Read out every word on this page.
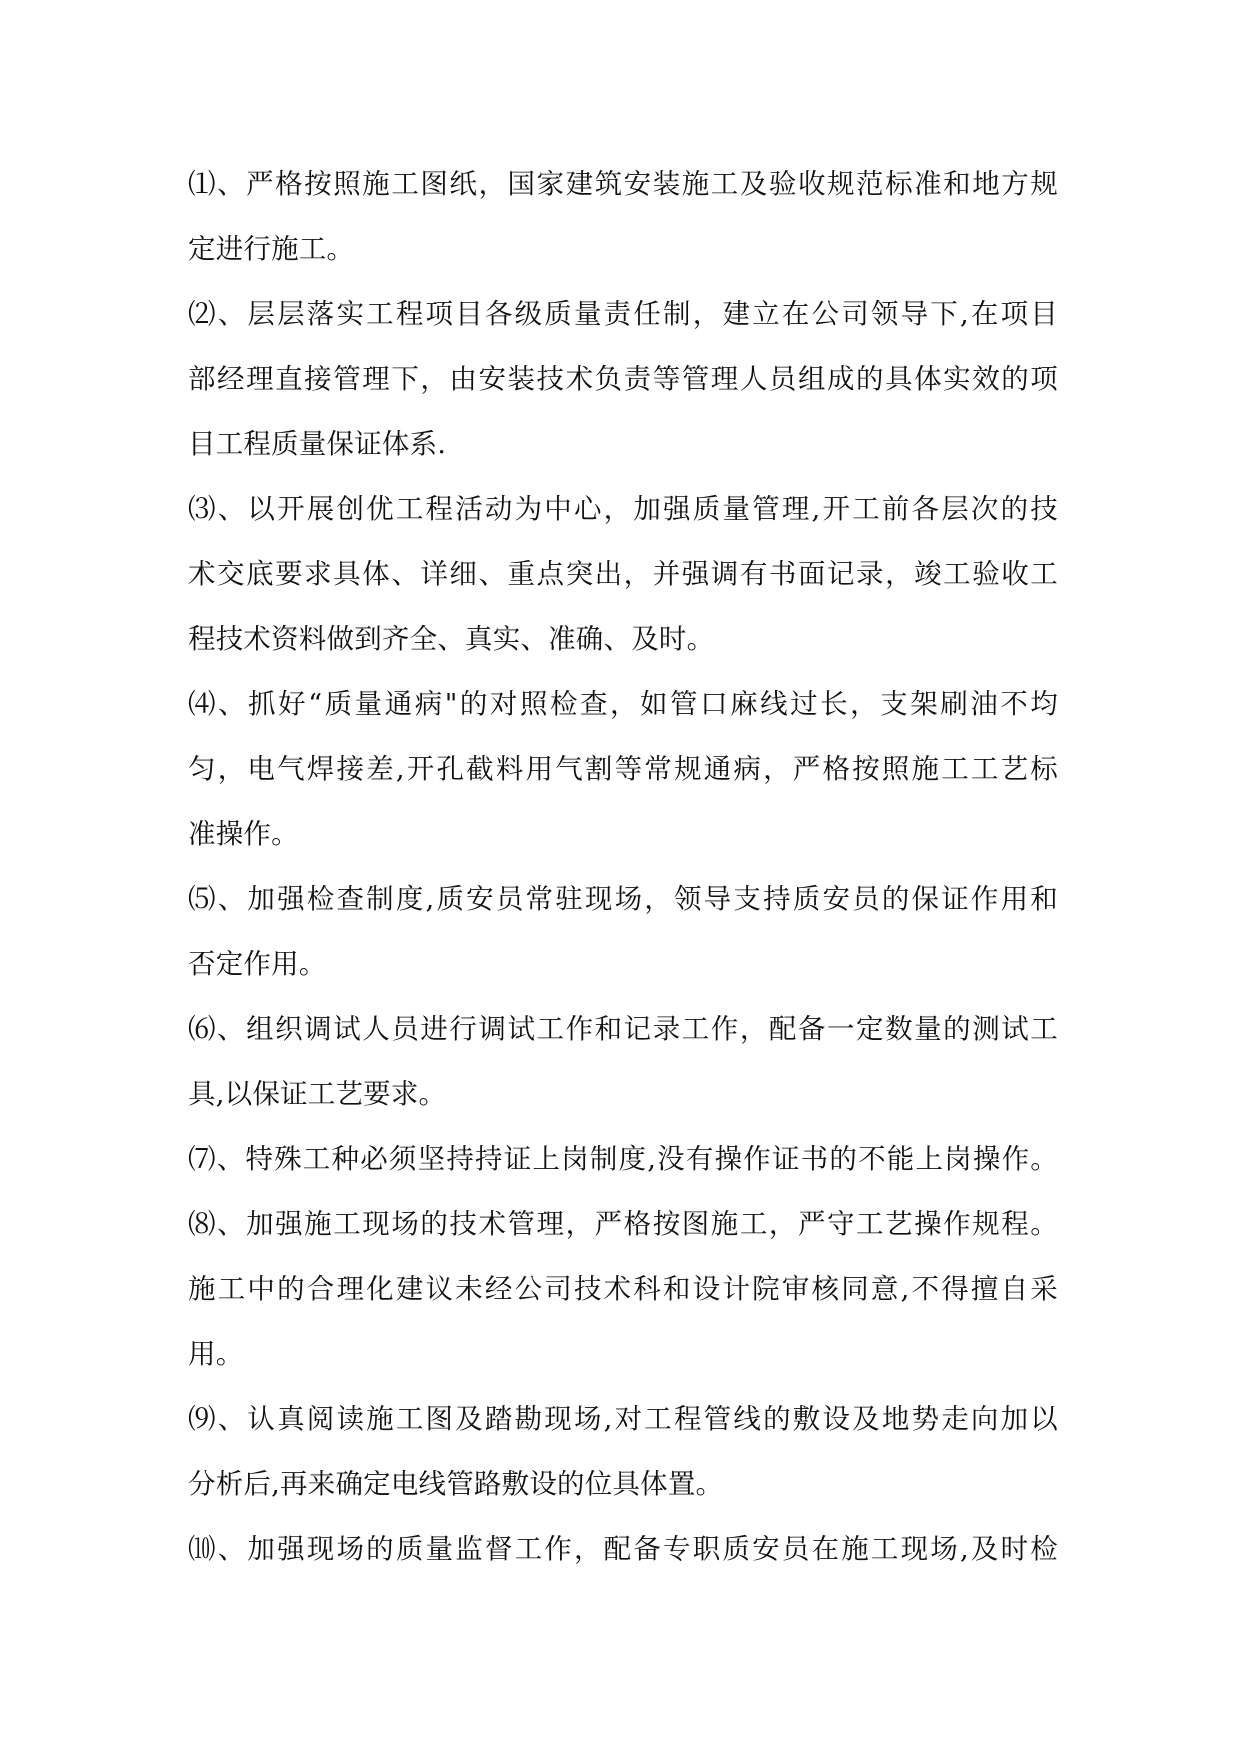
⑴、严格按照施工图纸，国家建筑安装施工及验收规范标准和地方规
定进行施工。
⑵、层层落实工程项目各级质量责任制，建立在公司领导下,在项目
部经理直接管理下，由安装技术负责等管理人员组成的具体实效的项
目工程质量保证体系.
⑶、以开展创优工程活动为中心，加强质量管理,开工前各层次的技
术交底要求具体、详细、重点突出，并强调有书面记录，竣工验收工
程技术资料做到齐全、真实、准确、及时。
⑷、抓好“质量通病"的对照检查，如管口麻线过长，支架刷油不均
匀，电气焊接差,开孔截料用气割等常规通病，严格按照施工工艺标
准操作。
⑸、加强检查制度,质安员常驻现场，领导支持质安员的保证作用和
否定作用。
⑹、组织调试人员进行调试工作和记录工作，配备一定数量的测试工
具,以保证工艺要求。
⑺、特殊工种必须坚持持证上岗制度,没有操作证书的不能上岗操作。
⑻、加强施工现场的技术管理，严格按图施工，严守工艺操作规程。
施工中的合理化建议未经公司技术科和设计院审核同意,不得擅自采
用。
⑼、认真阅读施工图及踏勘现场,对工程管线的敷设及地势走向加以
分析后,再来确定电线管路敷设的位具体置。
⑽、加强现场的质量监督工作，配备专职质安员在施工现场,及时检
